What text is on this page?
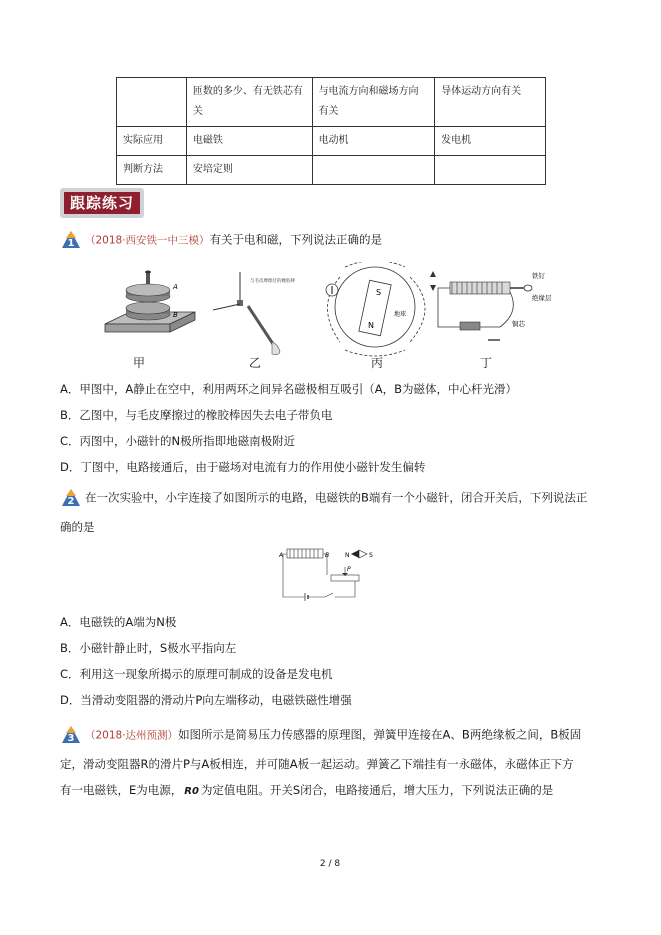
	匝数的多少、有无铁芯有关	与电流方向和磁场方向有关	导体运动方向有关
实际应用	电磁铁	电动机	发电机
判断方法	安培定则		
跟踪练习
1 （2018·西安铁一中三模）有关于电和磁，下列说法正确的是
A
B
与毛皮摩擦过的橡胶棒
S
N
地球
铁钉
绝缘层
铜芯
甲	乙	丙	丁
A．甲图中，A静止在空中，利用两环之间异名磁极相互吸引（A，B为磁体，中心杆光滑）
B．乙图中，与毛皮摩擦过的橡胶棒因失去电子带负电
C．丙图中，小磁针的N极所指即地磁南极附近
D．丁图中，电路接通后，由于磁场对电流有力的作用使小磁针发生偏转
2 在一次实验中，小宇连接了如图所示的电路，电磁铁的B端有一个小磁针，闭合开关后，下列说法正
确的是
A	B	N	S
P
A．电磁铁的A端为N极
B．小磁针静止时，S极水平指向左
C．利用这一现象所揭示的原理可制成的设备是发电机
D．当滑动变阻器的滑动片P向左端移动，电磁铁磁性增强
3 （2018·达州预测）如图所示是简易压力传感器的原理图，弹簧甲连接在A、B两绝缘板之间，B板固
定，滑动变阻器R的滑片P与A板相连，并可随A板一起运动。弹簧乙下端挂有一永磁体，永磁体正下方
有一电磁铁，E为电源， R0 为定值电阻。开关S闭合，电路接通后，增大压力，下列说法正确的是
2 / 8
